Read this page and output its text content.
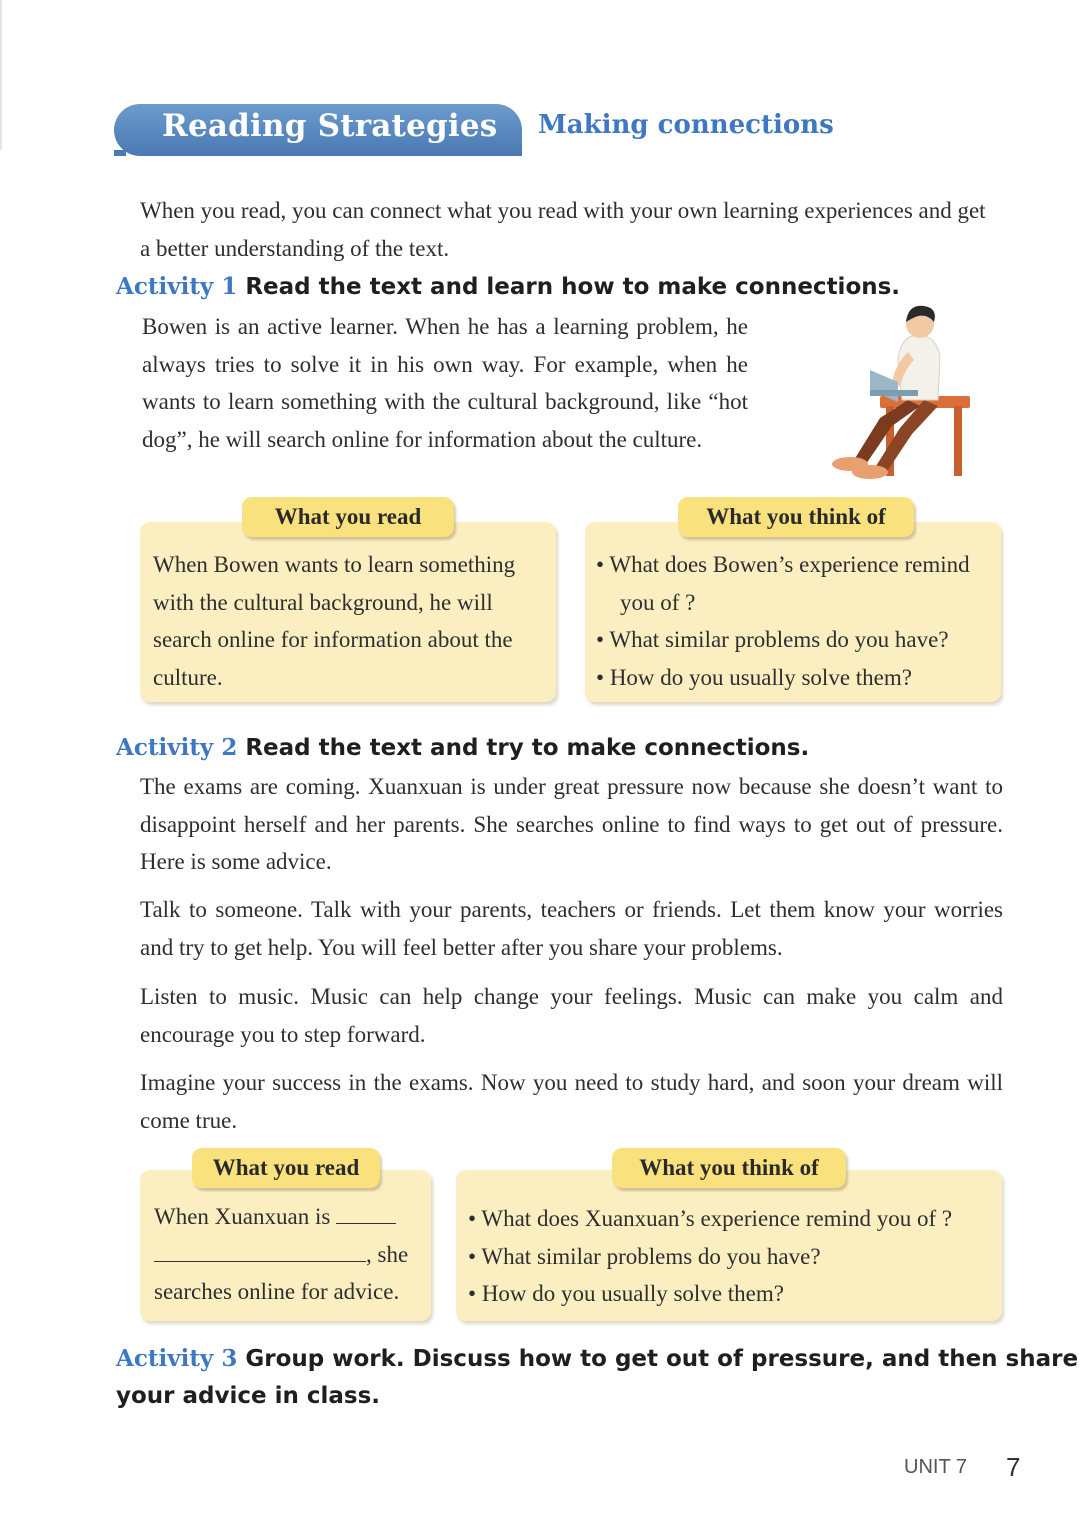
Reading Strategies Making connections

When you read, you can connect what you read with your own learning experiences and get a better understanding of the text.

Activity 1 Read the text and learn how to make connections.

Bowen is an active learner. When he has a learning problem, he always tries to solve it in his own way. For example, when he wants to learn something with the cultural background, like “hot dog”, he will search online for information about the culture.

What you read
When Bowen wants to learn something with the cultural background, he will search online for information about the culture.
What you think of
• What does Bowen’s experience remind
you of ?
• What similar problems do you have?
• How do you usually solve them?
Activity 2 Read the text and try to make connections.

The exams are coming. Xuanxuan is under great pressure now because she doesn’t want to disappoint herself and her parents. She searches online to find ways to get out of pressure. Here is some advice.

Talk to someone. Talk with your parents, teachers or friends. Let them know your worries and try to get help. You will feel better after you share your problems.

Listen to music. Music can help change your feelings. Music can make you calm and encourage you to step forward.

Imagine your success in the exams. Now you need to study hard, and soon your dream will come true.

What you read
When Xuanxuan is
, she
searches online for advice.
What you think of
• What does Xuanxuan’s experience remind you of ?
• What similar problems do you have?
• How do you usually solve them?
Activity 3 Group work. Discuss how to get out of pressure, and then share
your advice in class.
UNIT 7 7
